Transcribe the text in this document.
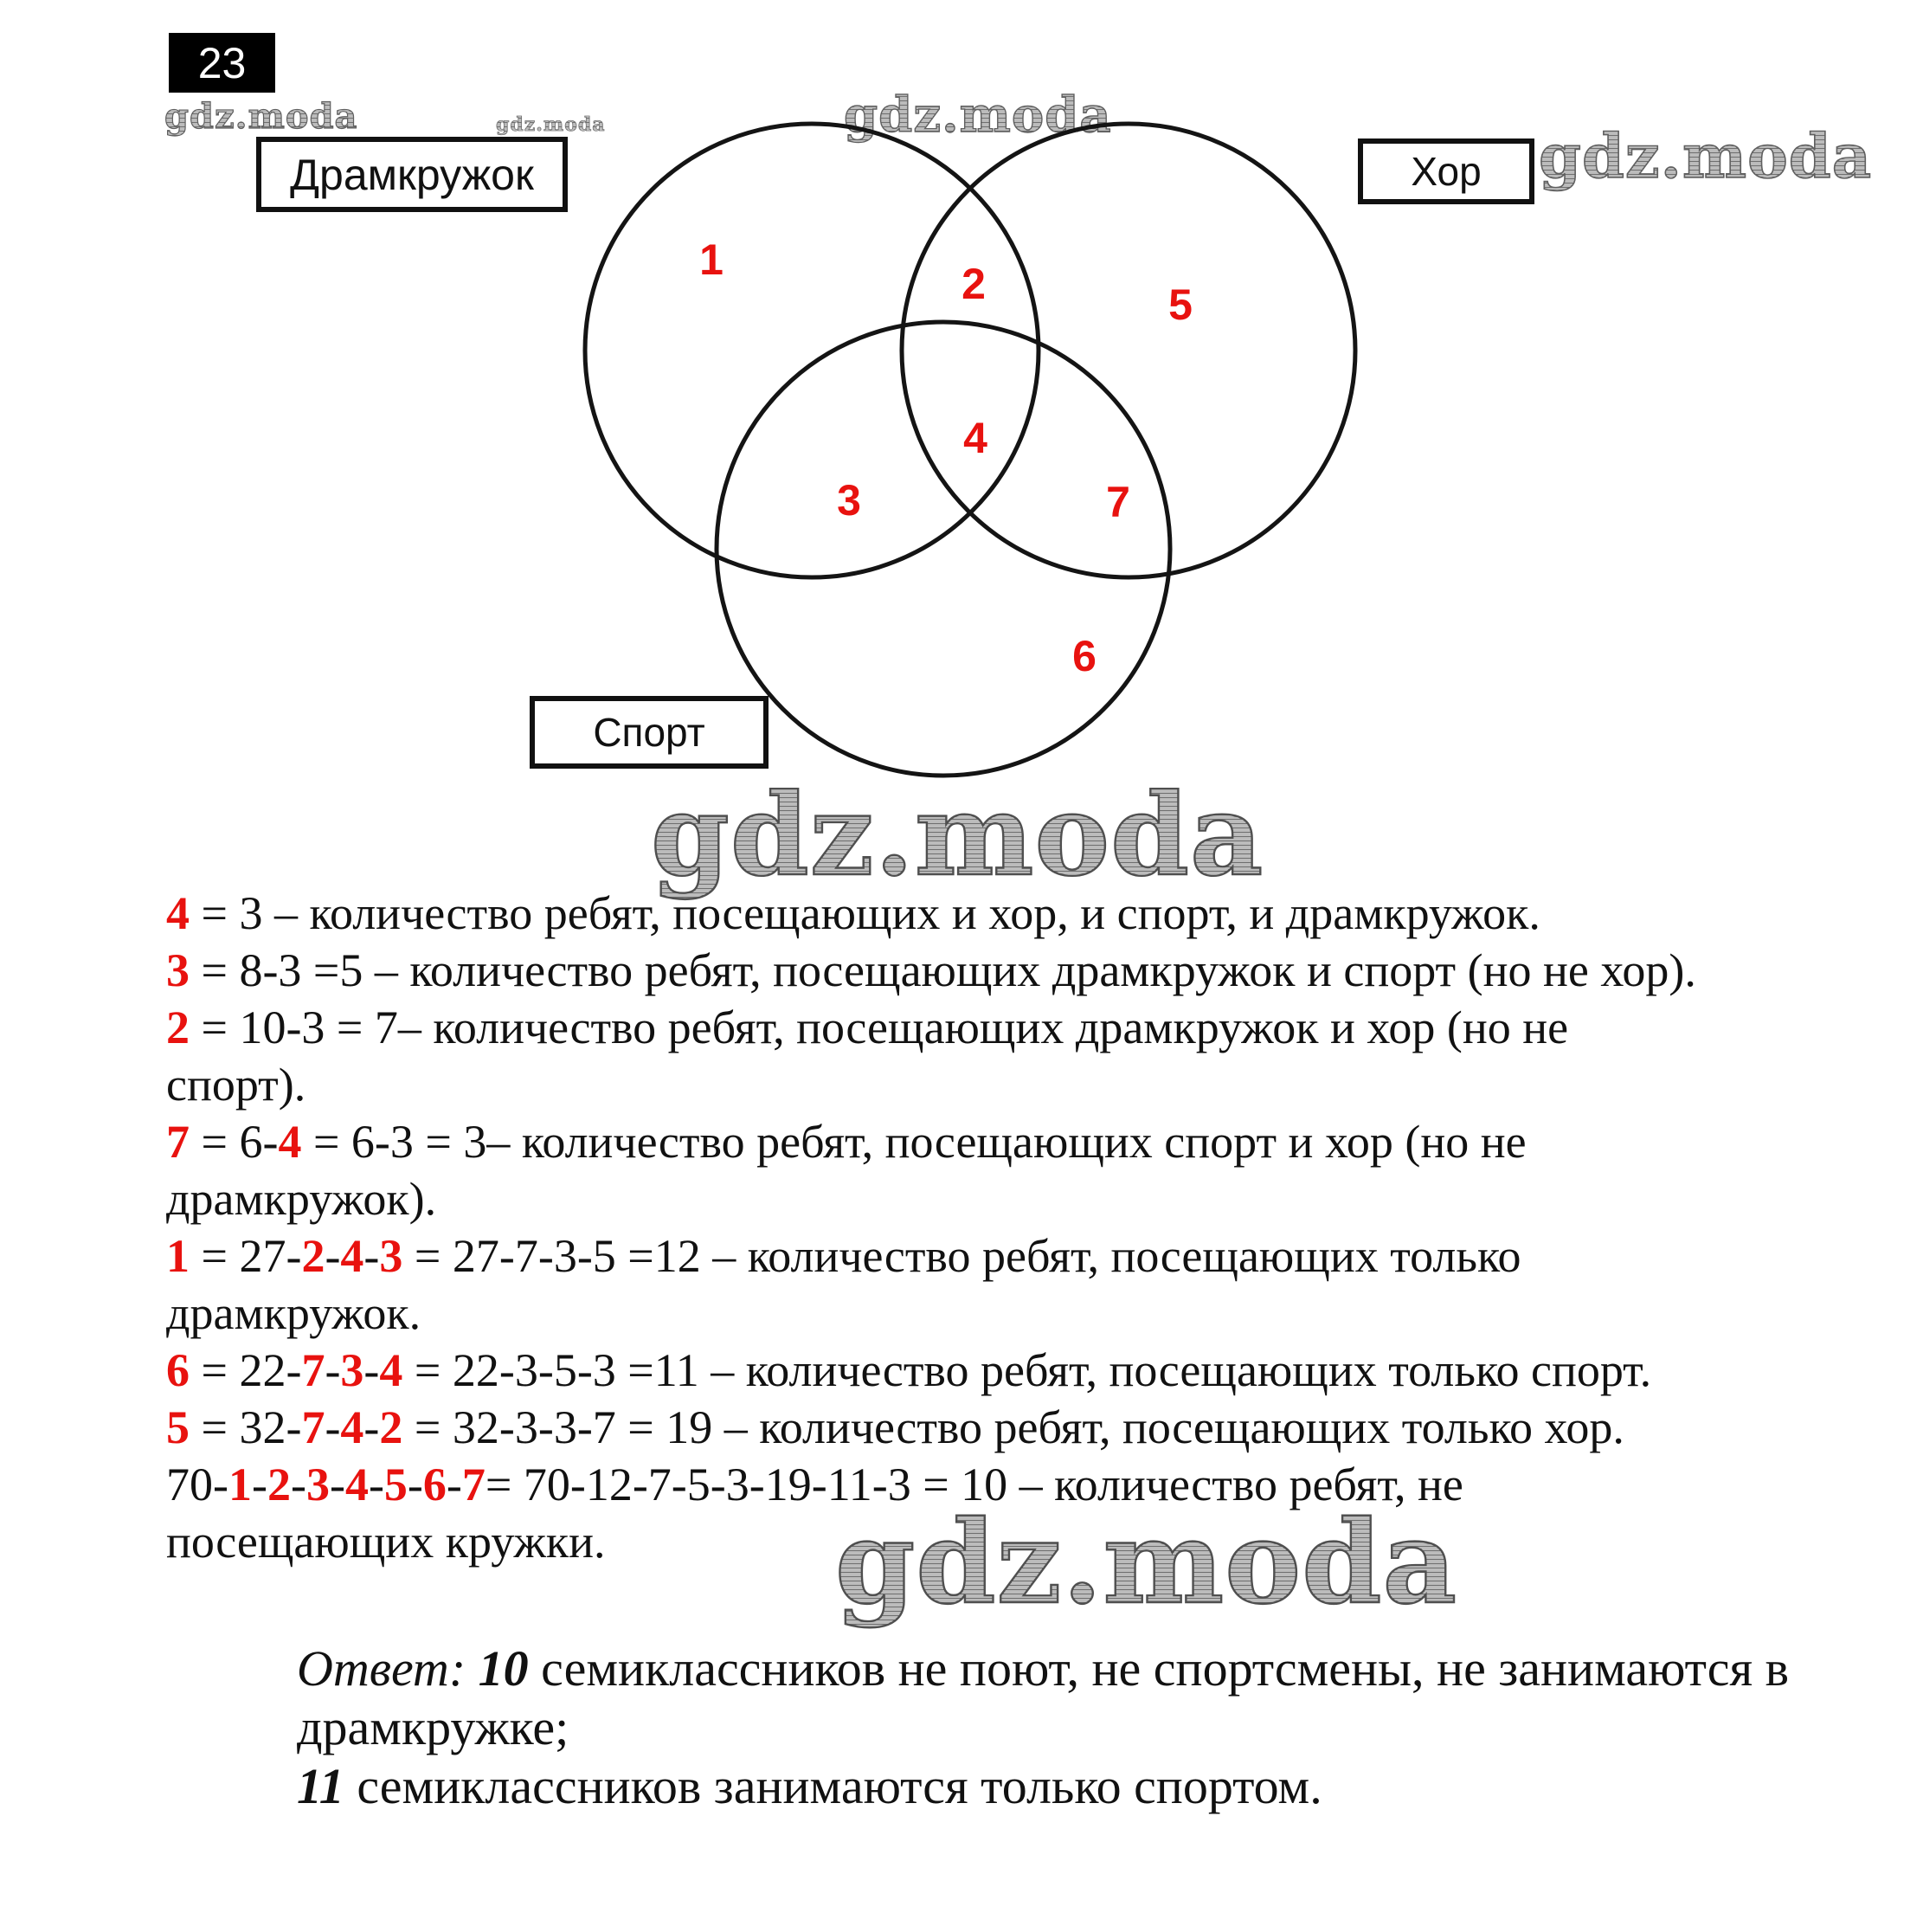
gdz.moda	gdz.moda	gdz.moda
gdz.moda
gdz.moda
gdz.moda
23
Драмкружок	Хор
Спорт
1	2
3
4
5
6
7
4 = 3 – количество ребят, посещающих и хор, и спорт, и драмкружок.
3 = 8-3 =5 – количество ребят, посещающих драмкружок и спорт (но не хор).
2 = 10-3 = 7– количество ребят, посещающих драмкружок и хор (но не
спорт).
7 = 6-4 = 6-3 = 3– количество ребят, посещающих спорт и хор (но не
драмкружок).
1 = 27-2-4-3 = 27-7-3-5 =12 – количество ребят, посещающих только
драмкружок.
6 = 22-7-3-4 = 22-3-5-3 =11 – количество ребят, посещающих только спорт.
5 = 32-7-4-2 = 32-3-3-7 = 19 – количество ребят, посещающих только хор.
70-1-2-3-4-5-6-7= 70-12-7-5-3-19-11-3 = 10 – количество ребят, не
посещающих кружки.
Ответ: 10 семиклассников не поют, не спортсмены, не занимаются в
драмкружке;
11 семиклассников занимаются только спортом.
